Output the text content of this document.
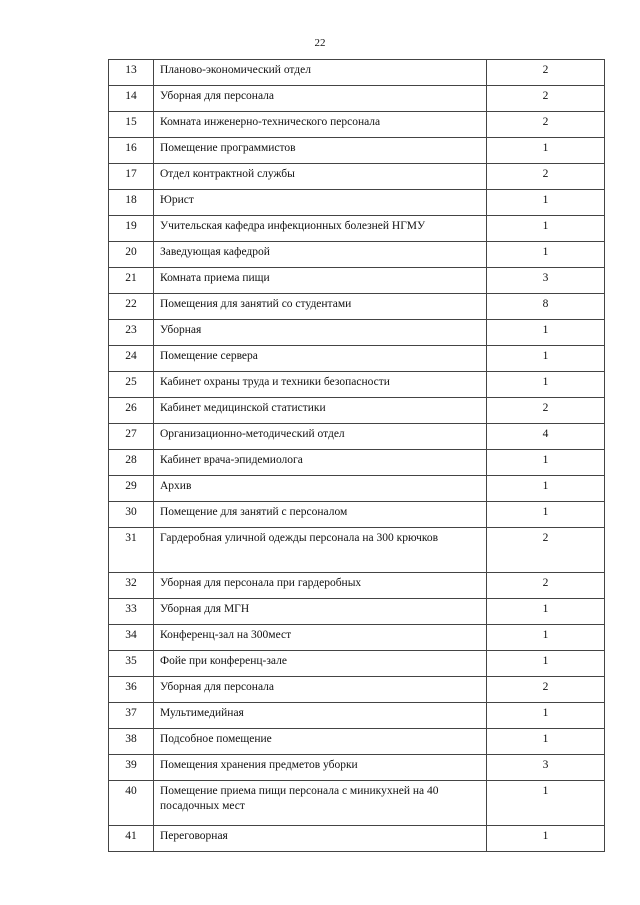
22
13	Планово-экономический отдел	2
14	Уборная для персонала	2
15	Комната инженерно-технического персонала	2
16	Помещение программистов	1
17	Отдел контрактной службы	2
18	Юрист	1
19	Учительская кафедра инфекционных болезней НГМУ	1
20	Заведующая кафедрой	1
21	Комната приема пищи	3
22	Помещения для занятий со студентами	8
23	Уборная	1
24	Помещение сервера	1
25	Кабинет охраны труда и техники безопасности	1
26	Кабинет медицинской статистики	2
27	Организационно-методический отдел	4
28	Кабинет врача-эпидемиолога	1
29	Архив	1
30	Помещение для занятий с персоналом	1
31	Гардеробная уличной одежды персонала на 300 крючков	2
32	Уборная для персонала при гардеробных	2
33	Уборная для МГН	1
34	Конференц-зал на 300мест	1
35	Фойе при конференц-зале	1
36	Уборная для персонала	2
37	Мультимедийная	1
38	Подсобное помещение	1
39	Помещения хранения предметов уборки	3
40	Помещение приема пищи персонала с миникухней на 40 посадочных мест	1
41	Переговорная	1
